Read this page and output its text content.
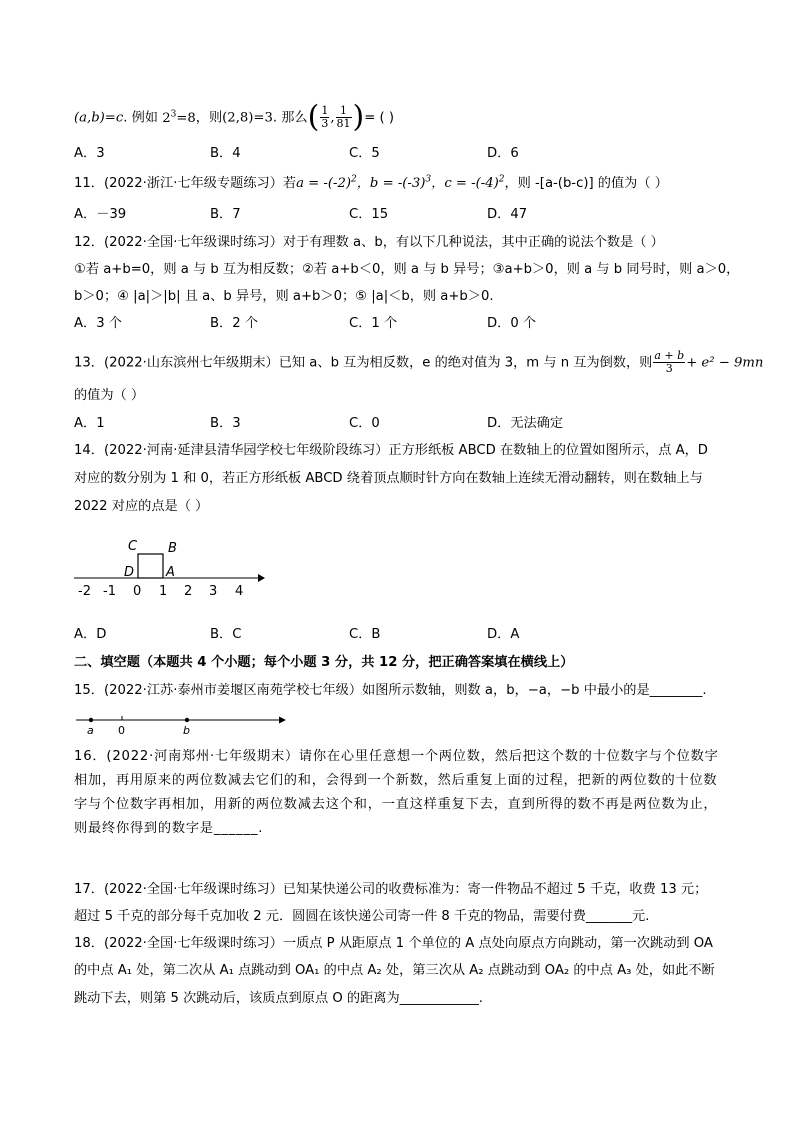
(a,b)=c. 例如 $2^3=8$，则(2,8)=3. 那么( $\frac{1}{3}$ , $\frac{1}{81}$ )= ( )
A．3	B．4	C．5	D．6
11．(2022·浙江·七年级专题练习）若$a = -(-2)^2$，$b = -(-3)^3$，$c = -(-4)^2$，则 -[a-(b-c)] 的值为（ ）
A．－39	B．7	C．15	D．47
12．(2022·全国·七年级课时练习）对于有理数 a、b，有以下几种说法，其中正确的说法个数是（ ）
①若 a+b=0，则 a 与 b 互为相反数；②若 a+b＜0，则 a 与 b 异号；③a+b＞0，则 a 与 b 同号时，则 a＞0，
b＞0；④ |a|＞|b| 且 a、b 异号，则 a+b＞0；⑤ |a|＜b，则 a+b＞0.
A．3 个	B．2 个	C．1 个	D．0 个
13．(2022·山东滨州七年级期末）已知 a、b 互为相反数，e 的绝对值为 3，m 与 n 互为倒数，则 $\frac{a + b}{3} + e^2 - 9mn$
的值为（ ）
A．1	B．3	C．0	D．无法确定
14．(2022·河南·延津县清华园学校七年级阶段练习）正方形纸板 ABCD 在数轴上的位置如图所示，点 A，D
对应的数分别为 1 和 0，若正方形纸板 ABCD 绕着顶点顺时针方向在数轴上连续无滑动翻转，则在数轴上与
2022 对应的点是（ ）
C B
D A
-2 -1 0 1 2 3 4
A．D	B．C	C．B	D．A
二、填空题（本题共 4 个小题；每个小题 3 分，共 12 分，把正确答案填在横线上）
15．(2022·江苏·泰州市姜堰区南苑学校七年级）如图所示数轴，则数 a，b，−a，−b 中最小的是________.
a 0	b
16．(2022·河南郑州·七年级期末）请你在心里任意想一个两位数，然后把这个数的十位数字与个位数字相加，再用原来的两位数减去它们的和，会得到一个新数，然后重复上面的过程，把新的两位数的十位数字与个位数字再相加，用新的两位数减去这个和，一直这样重复下去，直到所得的数不再是两位数为止，则最终你得到的数字是______.
17．(2022·全国·七年级课时练习）已知某快递公司的收费标准为：寄一件物品不超过 5 千克，收费 13 元；
超过 5 千克的部分每千克加收 2 元．圆圆在该快递公司寄一件 8 千克的物品，需要付费_______元.
18．(2022·全国·七年级课时练习）一质点 P 从距原点 1 个单位的 A 点处向原点方向跳动，第一次跳动到 OA
的中点 A₁ 处，第二次从 A₁ 点跳动到 OA₁ 的中点 A₂ 处，第三次从 A₂ 点跳动到 OA₂ 的中点 A₃ 处，如此不断
跳动下去，则第 5 次跳动后，该质点到原点 O 的距离为____________.
